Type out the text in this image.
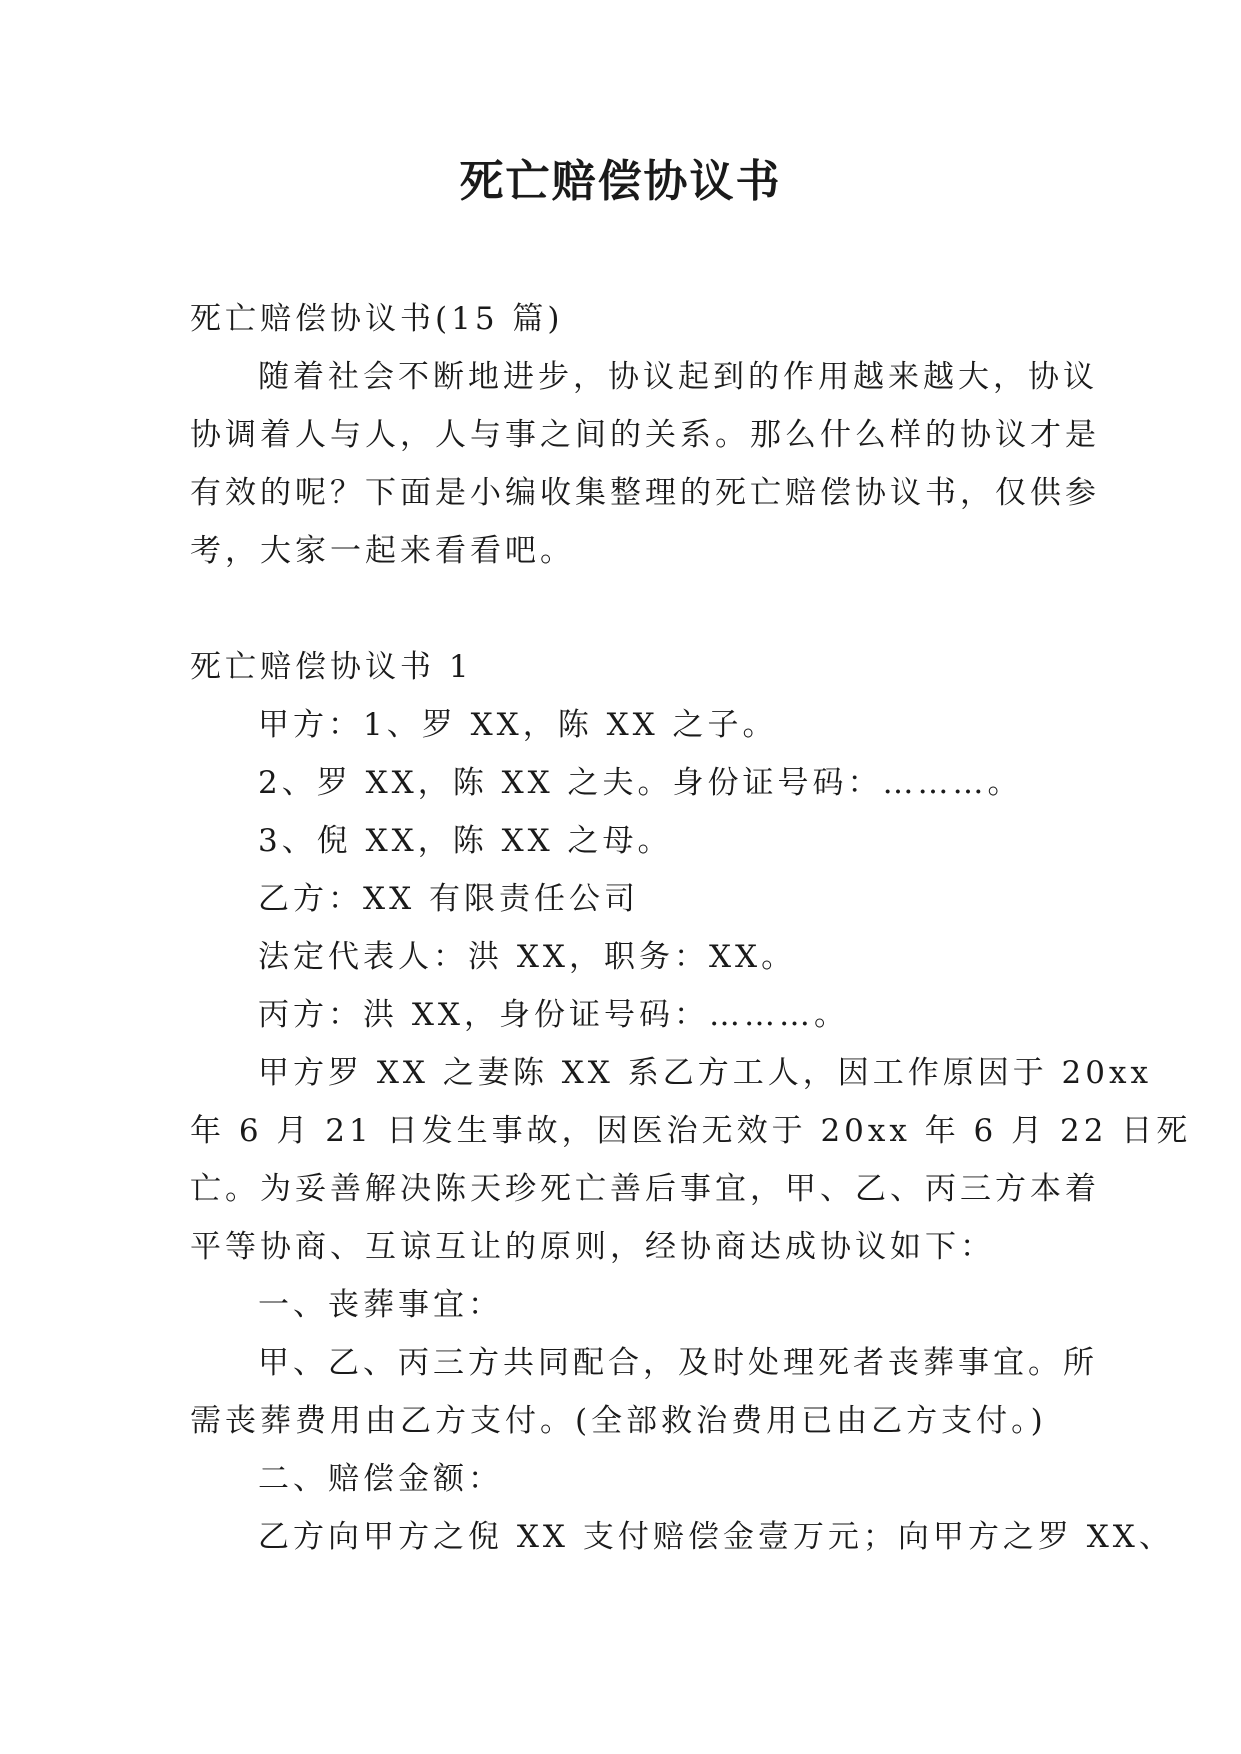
死亡赔偿协议书
死亡赔偿协议书(15 篇)
随着社会不断地进步，协议起到的作用越来越大，协议
协调着人与人，人与事之间的关系。那么什么样的协议才是
有效的呢？下面是小编收集整理的死亡赔偿协议书，仅供参
考，大家一起来看看吧。
死亡赔偿协议书 1
甲方：1、罗 XX，陈 XX 之子。
2、罗 XX，陈 XX 之夫。身份证号码：………。
3、倪 XX，陈 XX 之母。
乙方：XX 有限责任公司
法定代表人：洪 XX，职务：XX。
丙方：洪 XX，身份证号码：………。
甲方罗 XX 之妻陈 XX 系乙方工人，因工作原因于 20xx
年 6 月 21 日发生事故，因医治无效于 20xx 年 6 月 22 日死
亡。为妥善解决陈天珍死亡善后事宜，甲、乙、丙三方本着
平等协商、互谅互让的原则，经协商达成协议如下：
一、丧葬事宜：
甲、乙、丙三方共同配合，及时处理死者丧葬事宜。所
需丧葬费用由乙方支付。(全部救治费用已由乙方支付。)
二、赔偿金额：
乙方向甲方之倪 XX 支付赔偿金壹万元；向甲方之罗 XX、
